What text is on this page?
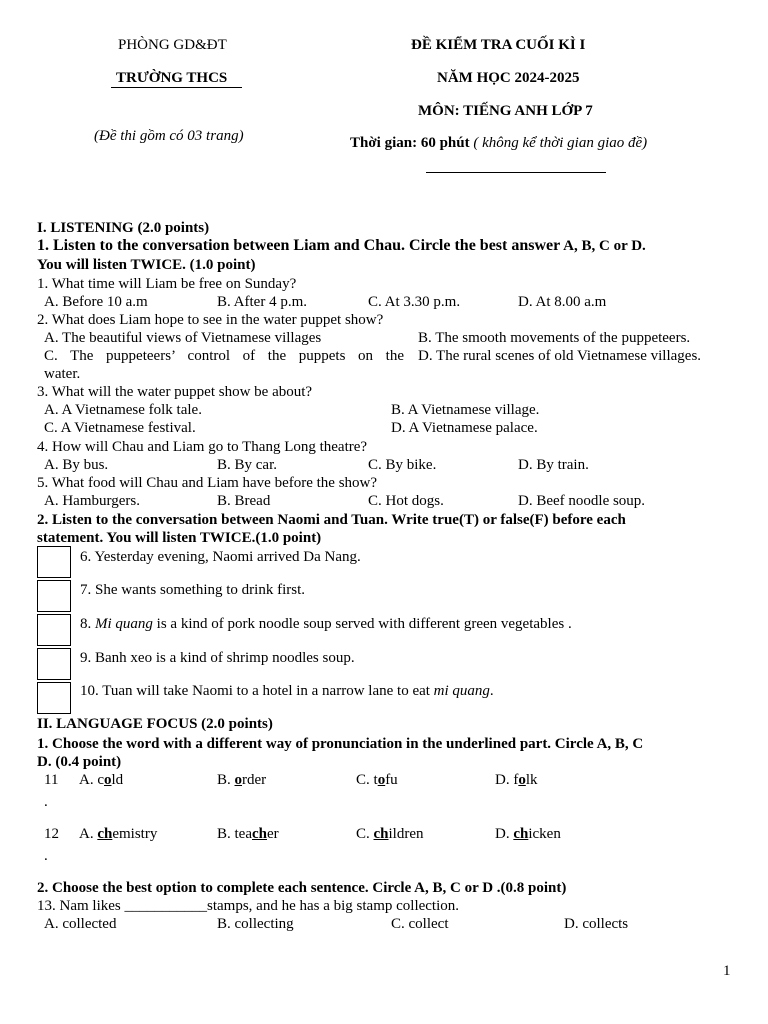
PHÒNG GD&ĐT
TRƯỜNG THCS
(Đề thi gồm có 03 trang)
ĐỀ KIỂM TRA CUỐI KÌ I
NĂM HỌC 2024-2025
MÔN: TIẾNG ANH LỚP 7
Thời gian: 60 phút ( không kể thời gian giao đề)
I. LISTENING (2.0 points)
1. Listen to the conversation between Liam and Chau. Circle the best answer A, B, C or D.
You will listen TWICE. (1.0 point)
1. What time will Liam be free on Sunday?
A. Before 10 a.m	B. After 4 p.m.	C. At 3.30 p.m.	D. At 8.00 a.m
2. What does Liam hope to see in the water puppet show?
A. The beautiful views of Vietnamese villages	B. The smooth movements of the puppeteers.
C. The puppeteers’ control of the puppets on the
water.
D. The rural scenes of old Vietnamese villages.
3. What will the water puppet show be about?
A. A Vietnamese folk tale.	B. A Vietnamese village.
C. A Vietnamese festival.	D. A Vietnamese palace.
4. How will Chau and Liam go to Thang Long theatre?
A. By bus.	B. By car.	C. By bike.	D. By train.
5. What food will Chau and Liam have before the show?
A. Hamburgers.	B. Bread	C. Hot dogs.	D. Beef noodle soup.
2. Listen to the conversation between Naomi and Tuan. Write true(T) or false(F) before each
statement. You will listen TWICE.(1.0 point)
6. Yesterday evening, Naomi arrived Da Nang.
7. She wants something to drink first.
8. Mi quang is a kind of pork noodle soup served with different green vegetables .
9. Banh xeo is a kind of shrimp noodles soup.
10. Tuan will take Naomi to a hotel in a narrow lane to eat mi quang.
II. LANGUAGE FOCUS (2.0 points)
1. Choose the word with a different way of pronunciation in the underlined part. Circle A, B, C
D. (0.4 point)
11
.
A. cold	B. order	C. tofu	D. folk
12
.
A. chemistry	B. teacher	C. children	D. chicken
2. Choose the best option to complete each sentence. Circle A, B, C or D .(0.8 point)
13. Nam likes ___________stamps, and he has a big stamp collection.
A. collected	B. collecting	C. collect	D. collects
1
